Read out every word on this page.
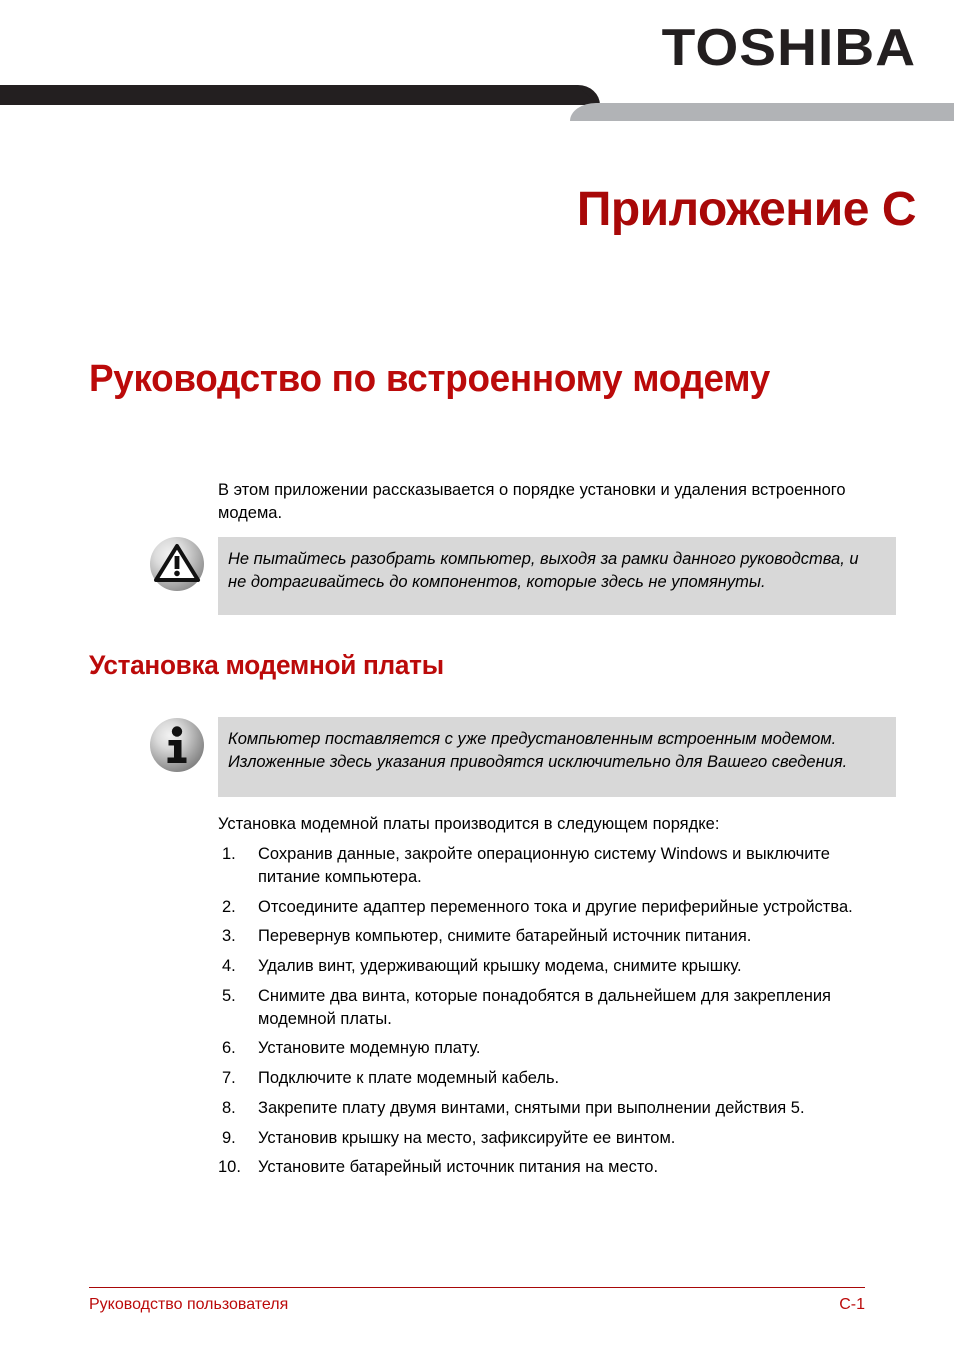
TOSHIBA
Приложение C
Руководство по встроенному модему
В этом приложении рассказывается о порядке установки и удаления встроенного модема.
Не пытайтесь разобрать компьютер, выходя за рамки данного руководства, и не дотрагивайтесь до компонентов, которые здесь не упомянуты.
Установка модемной платы
Компьютер поставляется с уже предустановленным встроенным модемом. Изложенные здесь указания приводятся исключительно для Вашего сведения.
Установка модемной платы производится в следующем порядке:
1.	Сохранив данные, закройте операционную систему Windows и выключите питание компьютера.
2.	Отсоедините адаптер переменного тока и другие периферийные устройства.
3.	Перевернув компьютер, снимите батарейный источник питания.
4.	Удалив винт, удерживающий крышку модема, снимите крышку.
5.	Снимите два винта, которые понадобятся в дальнейшем для закрепления модемной платы.
6.	Установите модемную плату.
7.	Подключите к плате модемный кабель.
8.	Закрепите плату двумя винтами, снятыми при выполнении действия 5.
9.	Установив крышку на место, зафиксируйте ее винтом.
10.	Установите батарейный источник питания на место.
Руководство пользователя	C-1
